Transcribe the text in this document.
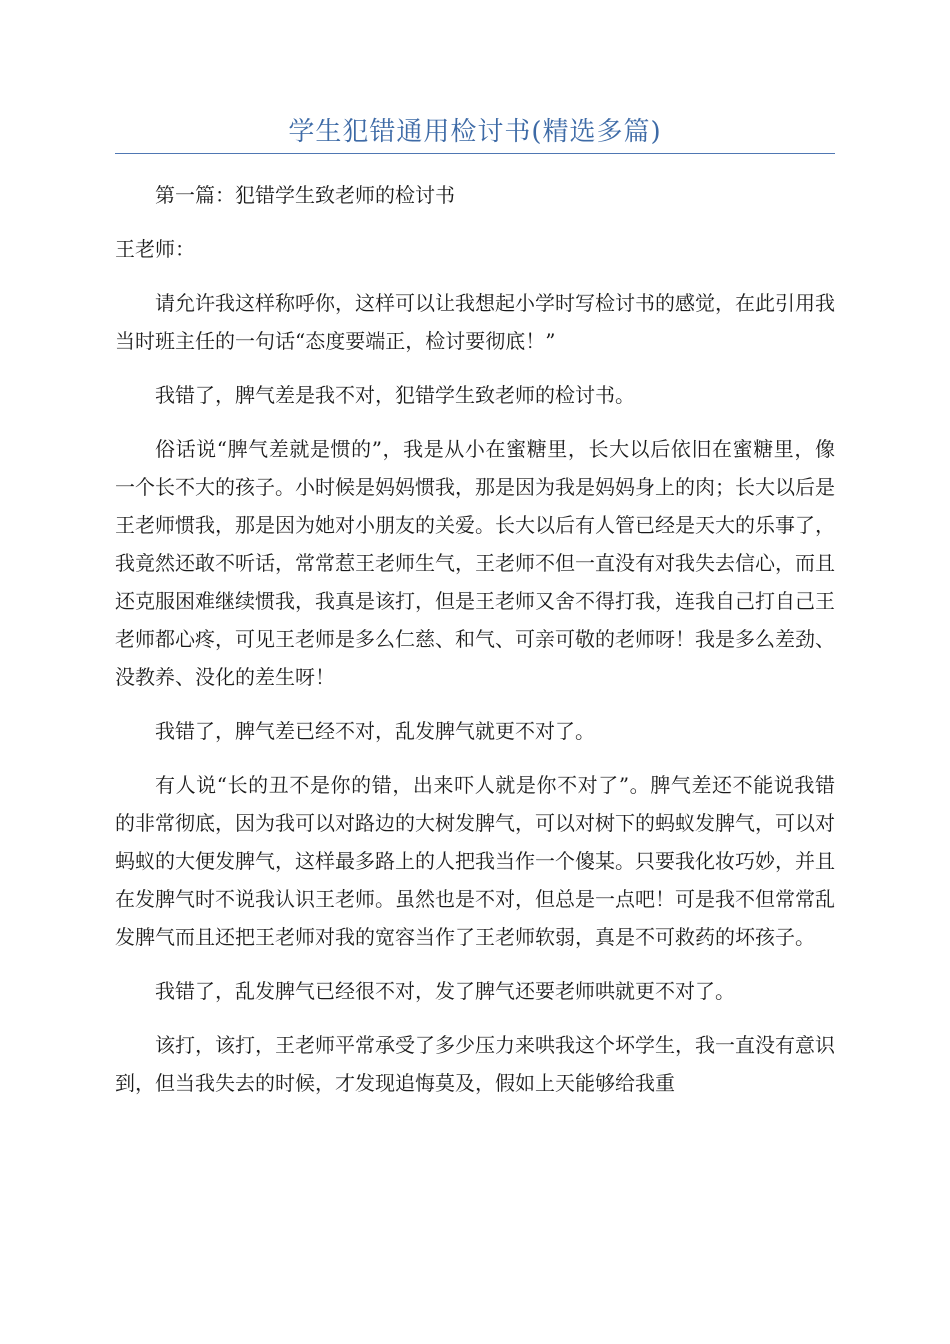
学生犯错通用检讨书(精选多篇)

第一篇：犯错学生致老师的检讨书

王老师：

请允许我这样称呼你，这样可以让我想起小学时写检讨书的感觉，在此引用我当时班主任的一句话“态度要端正，检讨要彻底！”

我错了，脾气差是我不对，犯错学生致老师的检讨书。

俗话说“脾气差就是惯的”，我是从小在蜜糖里，长大以后依旧在蜜糖里，像一个长不大的孩子。小时候是妈妈惯我，那是因为我是妈妈身上的肉；长大以后是王老师惯我，那是因为她对小朋友的关爱。长大以后有人管已经是天大的乐事了，我竟然还敢不听话，常常惹王老师生气，王老师不但一直没有对我失去信心，而且还克服困难继续惯我，我真是该打，但是王老师又舍不得打我，连我自己打自己王老师都心疼，可见王老师是多么仁慈、和气、可亲可敬的老师呀！我是多么差劲、没教养、没化的差生呀！

我错了，脾气差已经不对，乱发脾气就更不对了。

有人说“长的丑不是你的错，出来吓人就是你不对了”。脾气差还不能说我错的非常彻底，因为我可以对路边的大树发脾气，可以对树下的蚂蚁发脾气，可以对蚂蚁的大便发脾气，这样最多路上的人把我当作一个傻某。只要我化妆巧妙，并且在发脾气时不说我认识王老师。虽然也是不对，但总是一点吧！可是我不但常常乱发脾气而且还把王老师对我的宽容当作了王老师软弱，真是不可救药的坏孩子。

我错了，乱发脾气已经很不对，发了脾气还要老师哄就更不对了。

该打，该打，王老师平常承受了多少压力来哄我这个坏学生，我一直没有意识到，但当我失去的时候，才发现追悔莫及，假如上天能够给我重
